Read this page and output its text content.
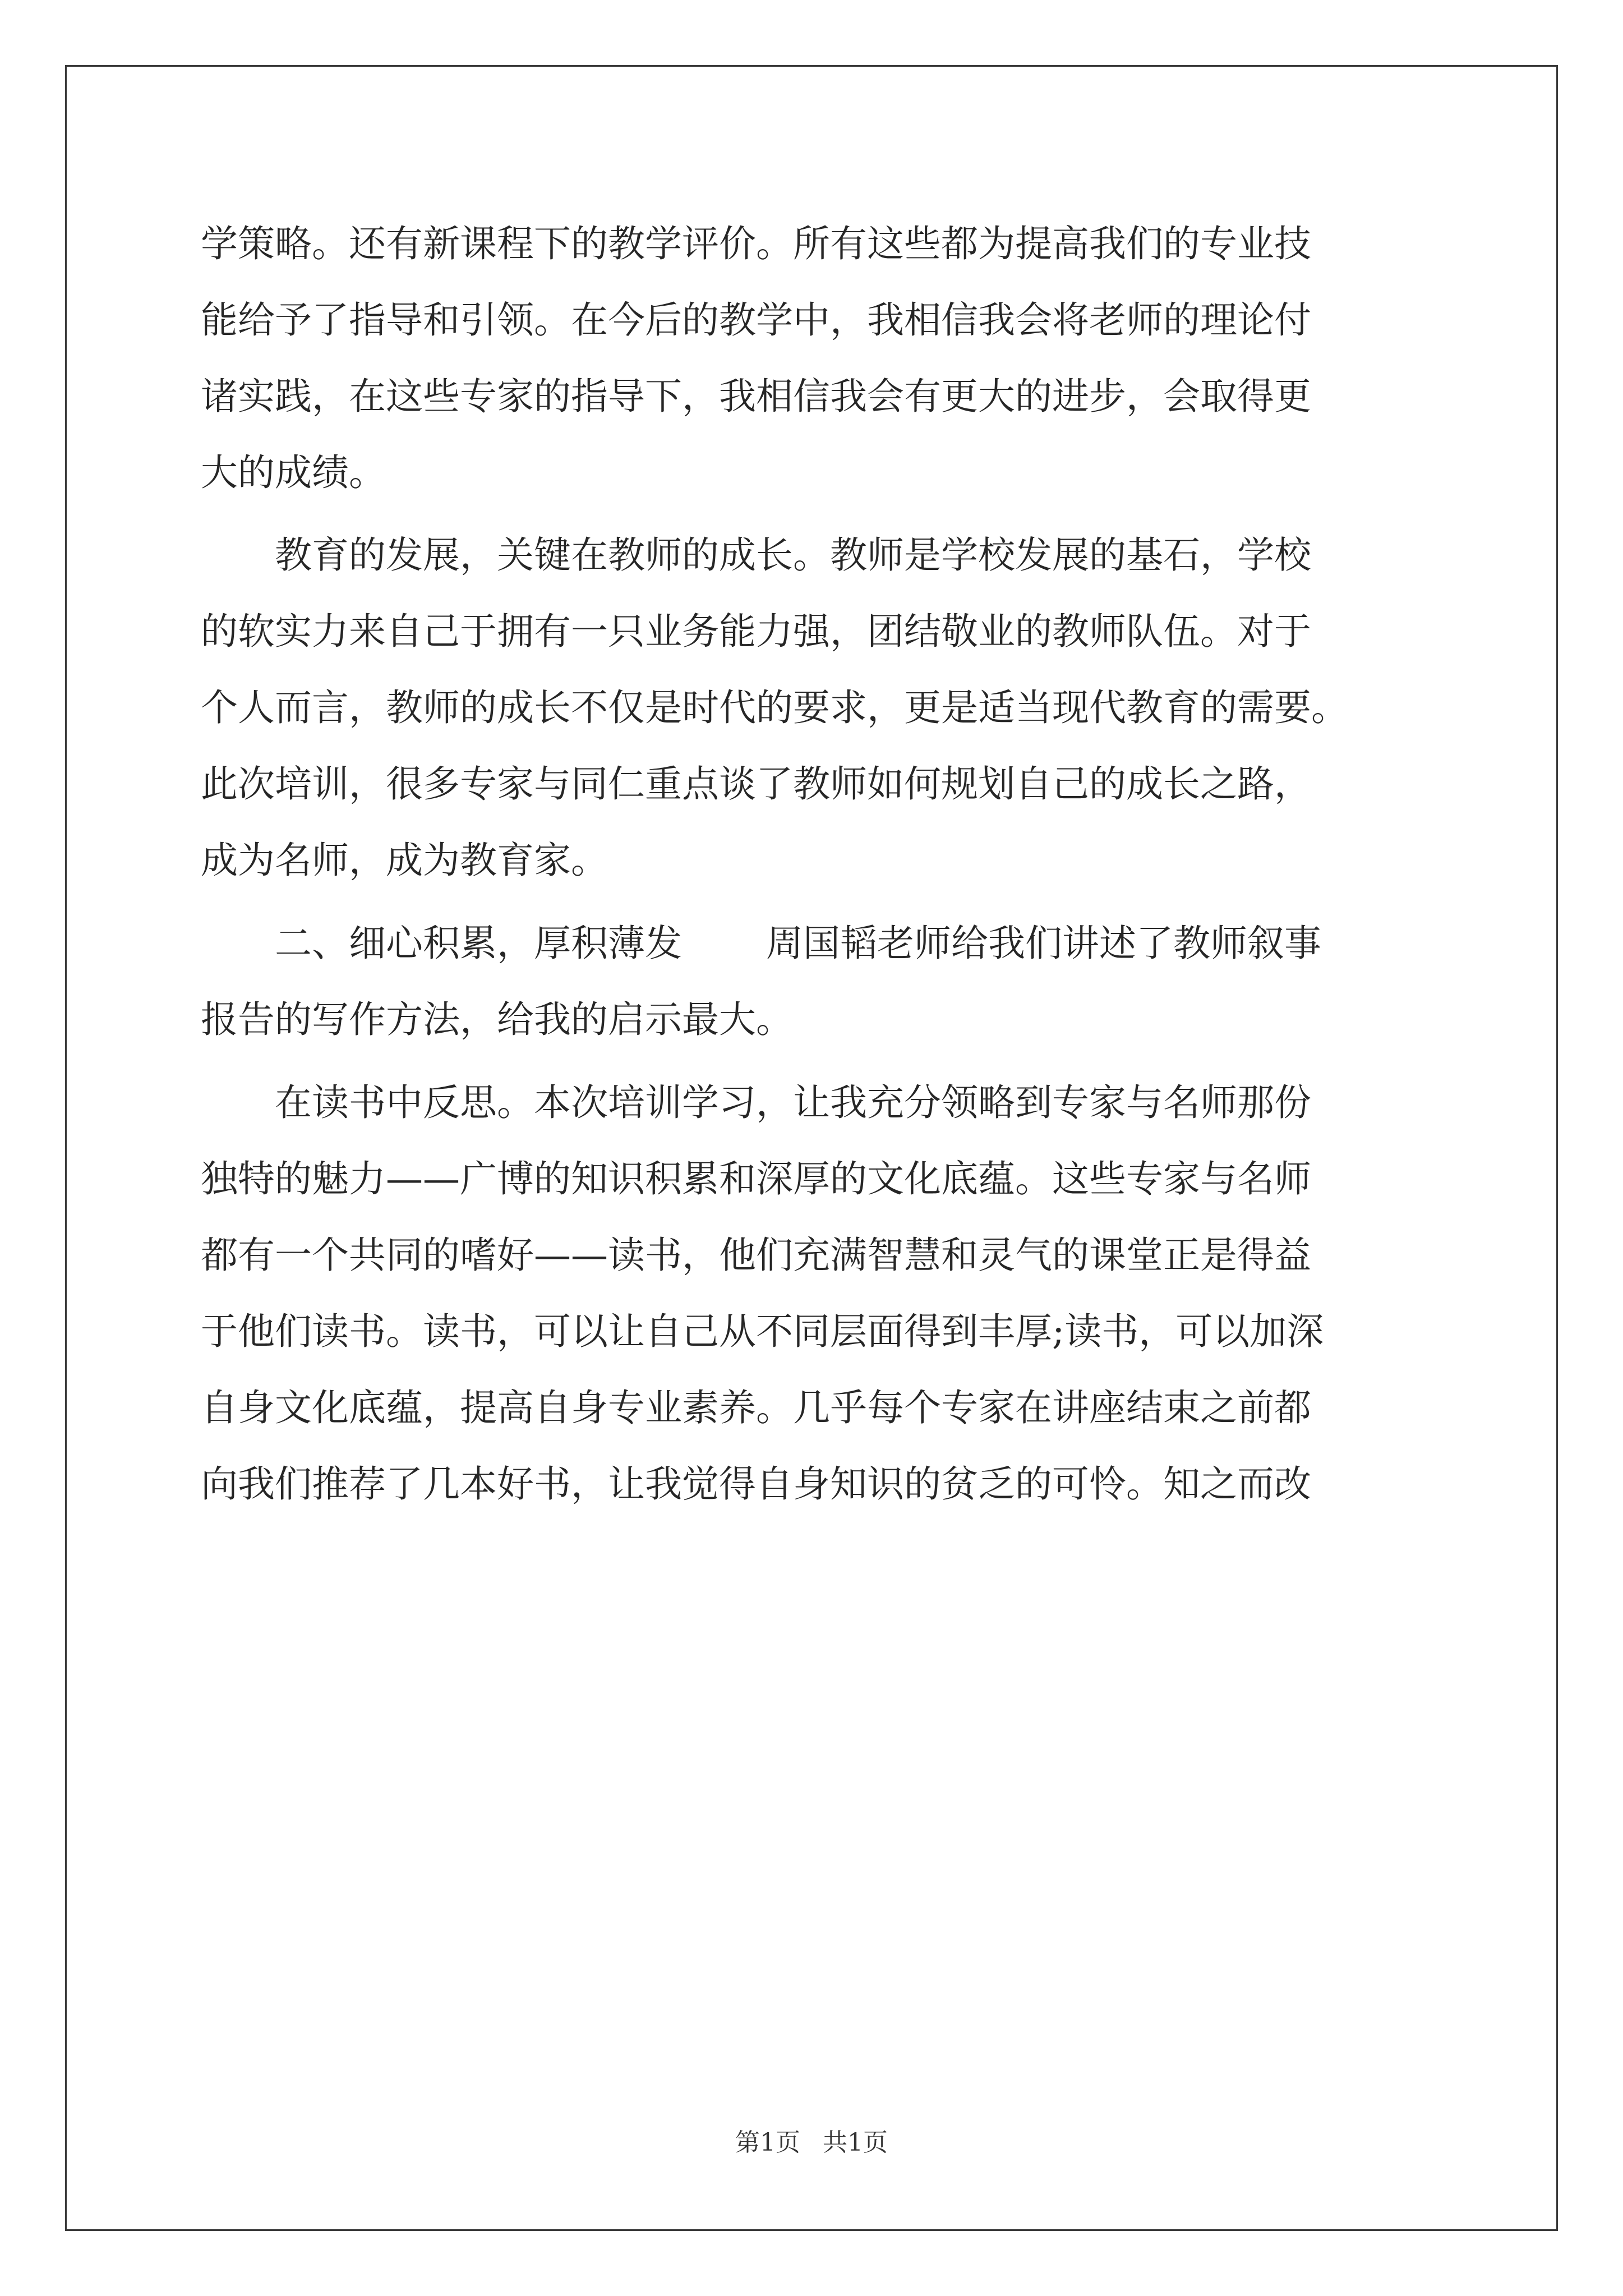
学策略。还有新课程下的教学评价。所有这些都为提高我们的专业技
能给予了指导和引领。在今后的教学中，我相信我会将老师的理论付
诸实践，在这些专家的指导下，我相信我会有更大的进步，会取得更
大的成绩。
　　教育的发展，关键在教师的成长。教师是学校发展的基石，学校
的软实力来自己于拥有一只业务能力强，团结敬业的教师队伍。对于
个人而言，教师的成长不仅是时代的要求，更是适当现代教育的需要。
此次培训，很多专家与同仁重点谈了教师如何规划自己的成长之路，
成为名师，成为教育家。
　　二、细心积累，厚积薄发 周国韬老师给我们讲述了教师叙事
报告的写作方法，给我的启示最大。
　　在读书中反思。本次培训学习，让我充分领略到专家与名师那份
独特的魅力——广博的知识积累和深厚的文化底蕴。这些专家与名师
都有一个共同的嗜好——读书，他们充满智慧和灵气的课堂正是得益
于他们读书。读书，可以让自己从不同层面得到丰厚;读书，可以加深
自身文化底蕴，提高自身专业素养。几乎每个专家在讲座结束之前都
向我们推荐了几本好书，让我觉得自身知识的贫乏的可怜。知之而改
第1页 共1页
